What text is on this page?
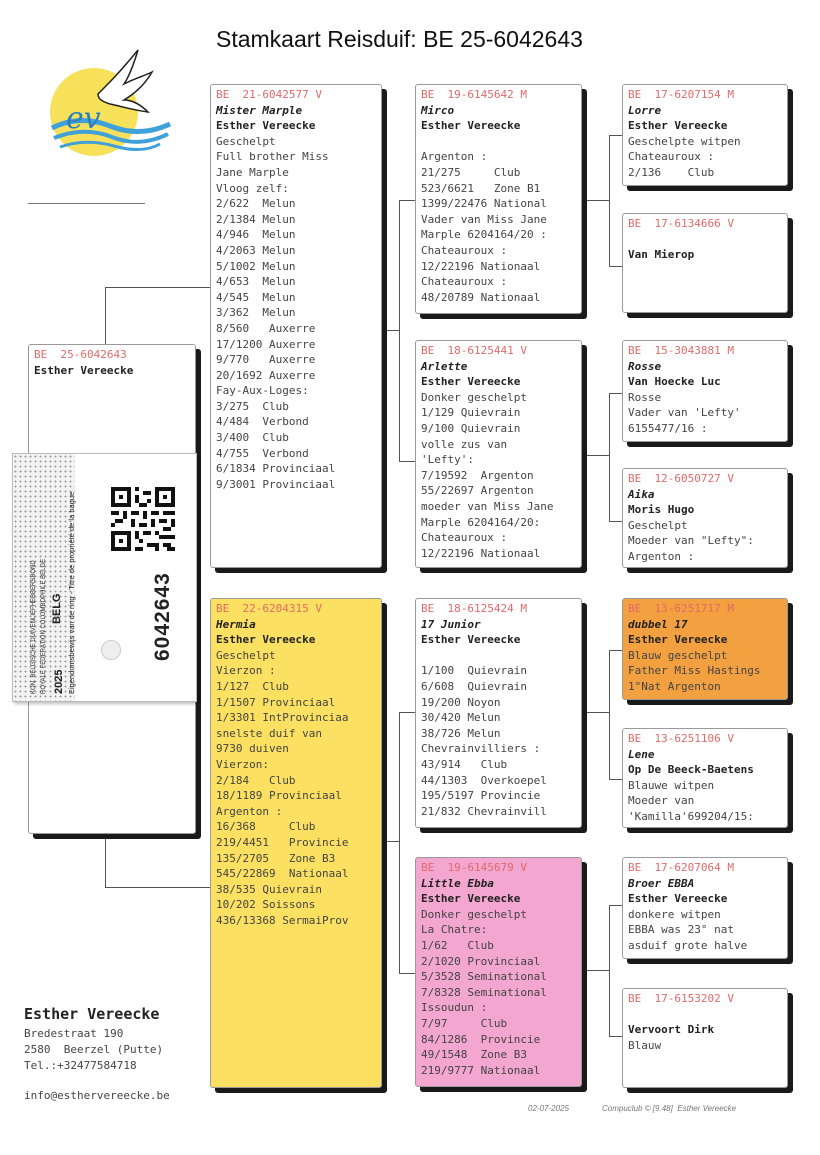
Stamkaart Reisduif: BE 25-6042643
ev
BE  25-6042643
Esther Vereecke
BE  21-6042577 V
Mister Marple
Esther Vereecke
Geschelpt
Full brother Miss
Jane Marple
Vloog zelf:
2/622  Melun
2/1384 Melun
4/946  Melun
4/2063 Melun
5/1002 Melun
4/653  Melun
4/545  Melun
3/362  Melun
8/560   Auxerre
17/1200 Auxerre
9/770   Auxerre
20/1692 Auxerre
Fay-Aux-Loges:
3/275  Club
4/484  Verbond
3/400  Club
4/755  Verbond
6/1834 Provinciaal
9/3001 Provinciaal
BE  22-6204315 V
Hermia
Esther Vereecke
Geschelpt
Vierzon :
1/127  Club
1/1507 Provinciaal
1/3301 IntProvinciaa
snelste duif van
9730 duiven
Vierzon:
2/184   Club
18/1189 Provinciaal
Argenton :
16/368     Club
219/4451   Provincie
135/2705   Zone B3
545/22869  Nationaal
38/535 Quievrain
10/202 Soissons
436/13368 SermaiProv
BE  19-6145642 M
Mirco
Esther Vereecke
Argenton :
21/275     Club
523/6621   Zone B1
1399/22476 National
Vader van Miss Jane
Marple 6204164/20 :
Chateauroux :
12/22196 Nationaal
Chateauroux :
48/20789 Nationaal
BE  18-6125441 V
Arlette
Esther Vereecke
Donker geschelpt
1/129 Quievrain
9/100 Quievrain
volle zus van
'Lefty':
7/19592  Argenton
55/22697 Argenton
moeder van Miss Jane
Marple 6204164/20:
Chateauroux :
12/22196 Nationaal
BE  18-6125424 M
17 Junior
Esther Vereecke
1/100  Quievrain
6/608  Quievrain
19/200 Noyon
30/420 Melun
38/726 Melun
Chevrainvilliers :
43/914   Club
44/1303  Overkoepel
195/5197 Provincie
21/832 Chevrainvill
BE  19-6145679 V
Little Ebba
Esther Vereecke
Donker geschelpt
La Chatre:
1/62   Club
2/1020 Provinciaal
5/3528 Seminational
7/8328 Seminational
Issoudun :
7/97     Club
84/1286  Provincie
49/1548  Zone B3
219/9777 Nationaal
BE  17-6207154 M
Lorre
Esther Vereecke
Geschelpte witpen
Chateauroux :
2/136    Club
BE  17-6134666 V
Van Mierop
BE  15-3043881 M
Rosse
Van Hoecke Luc
Rosse
Vader van 'Lefty'
6155477/16 :
BE  12-6050727 V
Aika
Moris Hugo
Geschelpt
Moeder van "Lefty":
Argenton :
BE  13-6251717 M
dubbel 17
Esther Vereecke
Blauw geschelpt
Father Miss Hastings
1°Nat Argenton
BE  13-6251106 V
Lene
Op De Beeck-Baetens
Blauwe witpen
Moeder van
'Kamilla'699204/15:
BE  17-6207064 M
Broer EBBA
Esther Vereecke
donkere witpen
EBBA was 23° nat
asduif grote halve
BE  17-6153202 V
Vervoort Dirk
Blauw
KON. BELGISCHE DUIVENLIEFHEBBERSBOND ROYALE FEDERATION COLOMBOPHILE BELGE BELG
2025 Eigendomsbewijs van de ring - Titre de propriété de la bague	6042643
Esther Vereecke
Bredestraat 190
2580  Beerzel (Putte)
Tel.:+32477584718
info@esthervereecke.be
02-07-2025	Compuclub © [9.48]  Esther Vereecke
